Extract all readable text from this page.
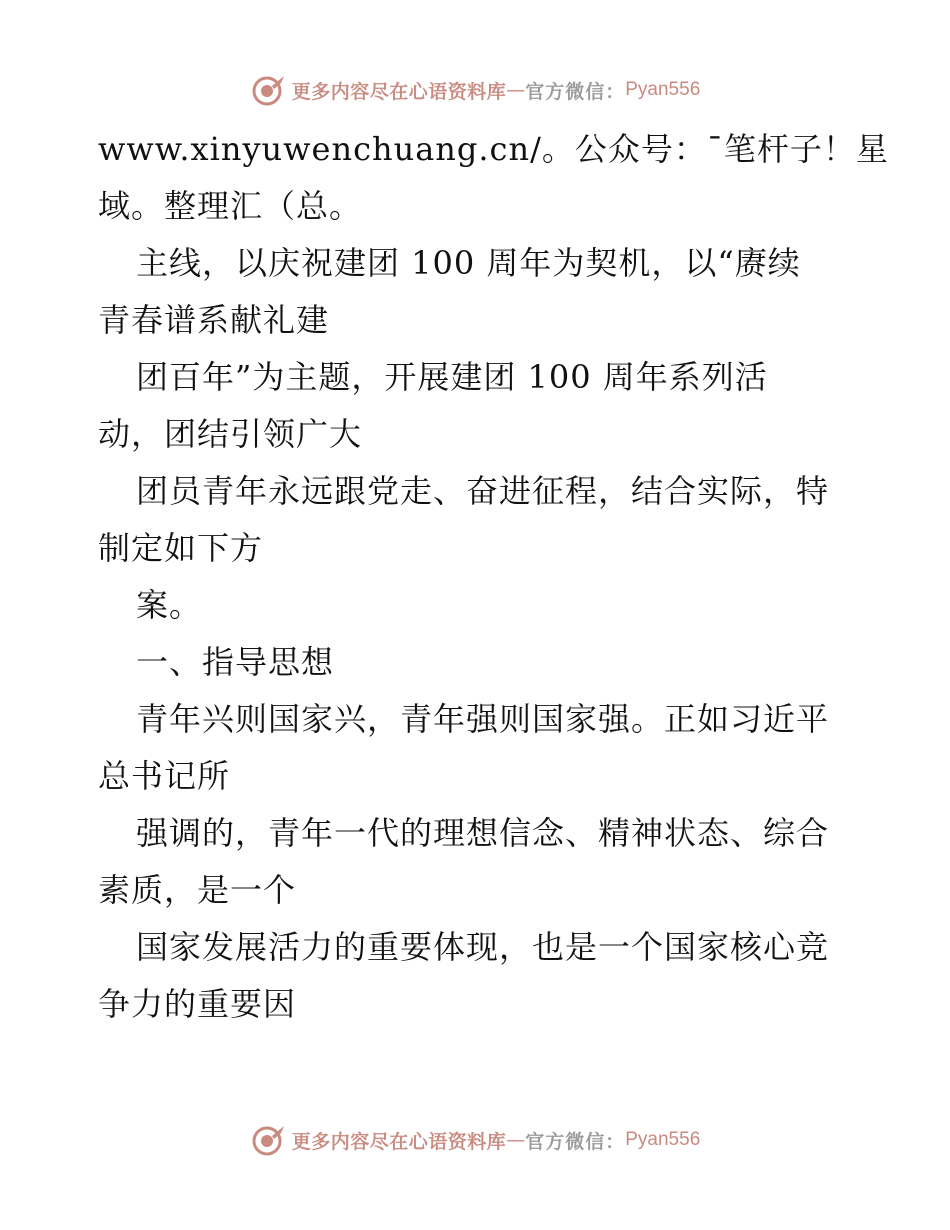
更多内容尽在心语资料库 — 官方微信： Pyan556
www.xinyuwenchuang.cn/。公众号：¯笔杆子！星
域。整理汇（总。
主线，以庆祝建团 100 周年为契机，以“赓续
青春谱系献礼建
团百年”为主题，开展建团 100 周年系列活
动，团结引领广大
团员青年永远跟党走、奋进征程，结合实际，特
制定如下方
案。
一、指导思想
青年兴则国家兴，青年强则国家强。正如习近平
总书记所
强调的，青年一代的理想信念、精神状态、综合
素质，是一个
国家发展活力的重要体现，也是一个国家核心竞
争力的重要因
更多内容尽在心语资料库 — 官方微信： Pyan556
